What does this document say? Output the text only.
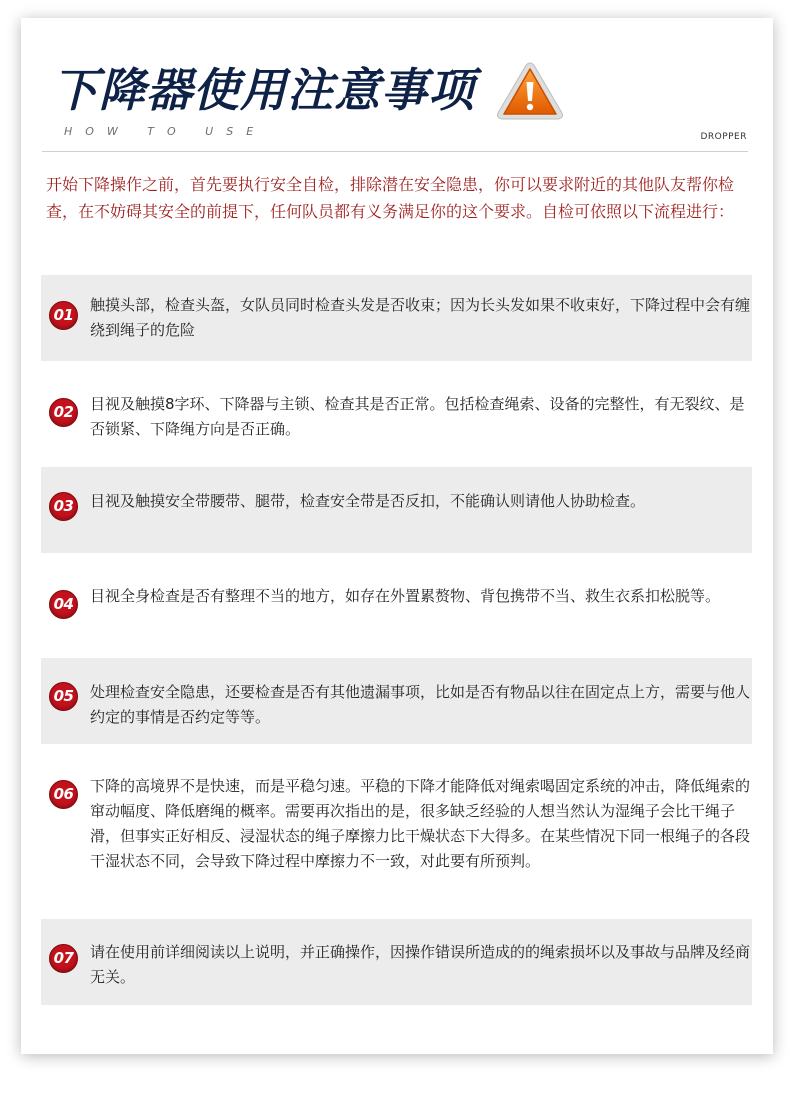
下降器使用注意事项
HOW TO USE	DROPPER
开始下降操作之前，首先要执行安全自检，排除潜在安全隐患，你可以要求附近的其他队友帮你检查，在不妨碍其安全的前提下，任何队员都有义务满足你的这个要求。自检可依照以下流程进行：
01
触摸头部，检查头盔，女队员同时检查头发是否收束；因为长头发如果不收束好，下降过程中会有缠绕到绳子的危险
02 目视及触摸8字环、下降器与主锁、检查其是否正常。包括检查绳索、设备的完整性，有无裂纹、是否锁紧、下降绳方向是否正确。
03 目视及触摸安全带腰带、腿带，检查安全带是否反扣，不能确认则请他人协助检查。
04 目视全身检查是否有整理不当的地方，如存在外置累赘物、背包携带不当、救生衣系扣松脱等。
05 处理检查安全隐患，还要检查是否有其他遗漏事项，比如是否有物品以往在固定点上方，需要与他人约定的事情是否约定等等。
06 下降的高境界不是快速，而是平稳匀速。平稳的下降才能降低对绳索喝固定系统的冲击，降低绳索的窜动幅度、降低磨绳的概率。需要再次指出的是，很多缺乏经验的人想当然认为湿绳子会比干绳子滑，但事实正好相反、浸湿状态的绳子摩擦力比干燥状态下大得多。在某些情况下同一根绳子的各段干湿状态不同，会导致下降过程中摩擦力不一致，对此要有所预判。
07 请在使用前详细阅读以上说明，并正确操作，因操作错误所造成的的绳索损坏以及事故与品牌及经商无关。
